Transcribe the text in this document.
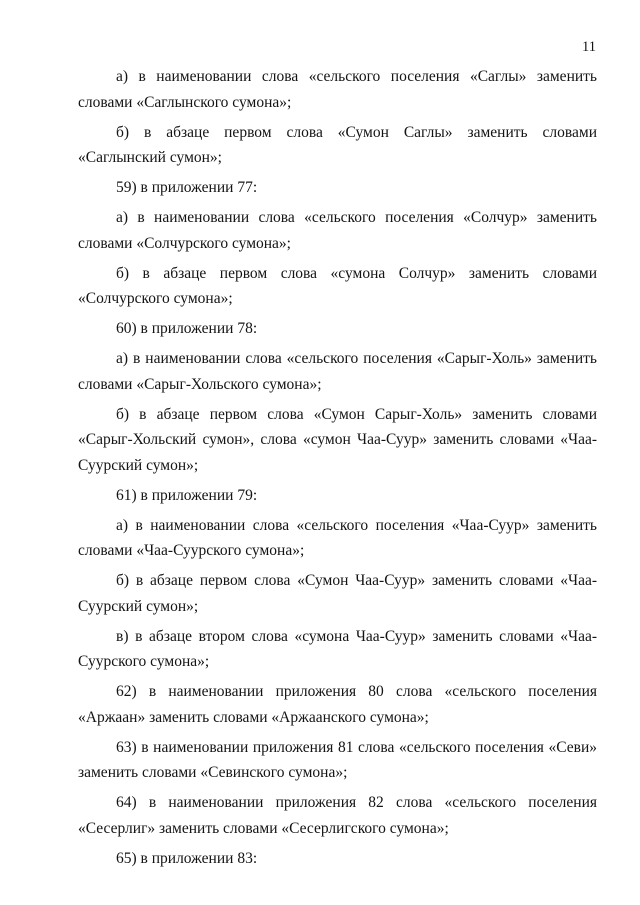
11

а) в наименовании слова «сельского поселения «Саглы» заменить словами «Саглынского сумона»;

б) в абзаце первом слова «Сумон Саглы» заменить словами «Саглынский сумон»;

59) в приложении 77:

а) в наименовании слова «сельского поселения «Солчур» заменить словами «Солчурского сумона»;

б) в абзаце первом слова «сумона Солчур» заменить словами «Солчурского сумона»;

60) в приложении 78:

а) в наименовании слова «сельского поселения «Сарыг-Холь» заменить словами «Сарыг-Хольского сумона»;

б) в абзаце первом слова «Сумон Сарыг-Холь» заменить словами «Сарыг-Хольский сумон», слова «сумон Чаа-Суур» заменить словами «Чаа-Суурский сумон»;

61) в приложении 79:

а) в наименовании слова «сельского поселения «Чаа-Суур» заменить словами «Чаа-Суурского сумона»;

б) в абзаце первом слова «Сумон Чаа-Суур» заменить словами «Чаа-Суурский сумон»;

в) в абзаце втором слова «сумона Чаа-Суур» заменить словами «Чаа-Суурского сумона»;

62) в наименовании приложения 80 слова «сельского поселения «Аржаан» заменить словами «Аржаанского сумона»;

63) в наименовании приложения 81 слова «сельского поселения «Севи» заменить словами «Севинского сумона»;

64) в наименовании приложения 82 слова «сельского поселения «Сесерлиг» заменить словами «Сесерлигского сумона»;

65) в приложении 83:
